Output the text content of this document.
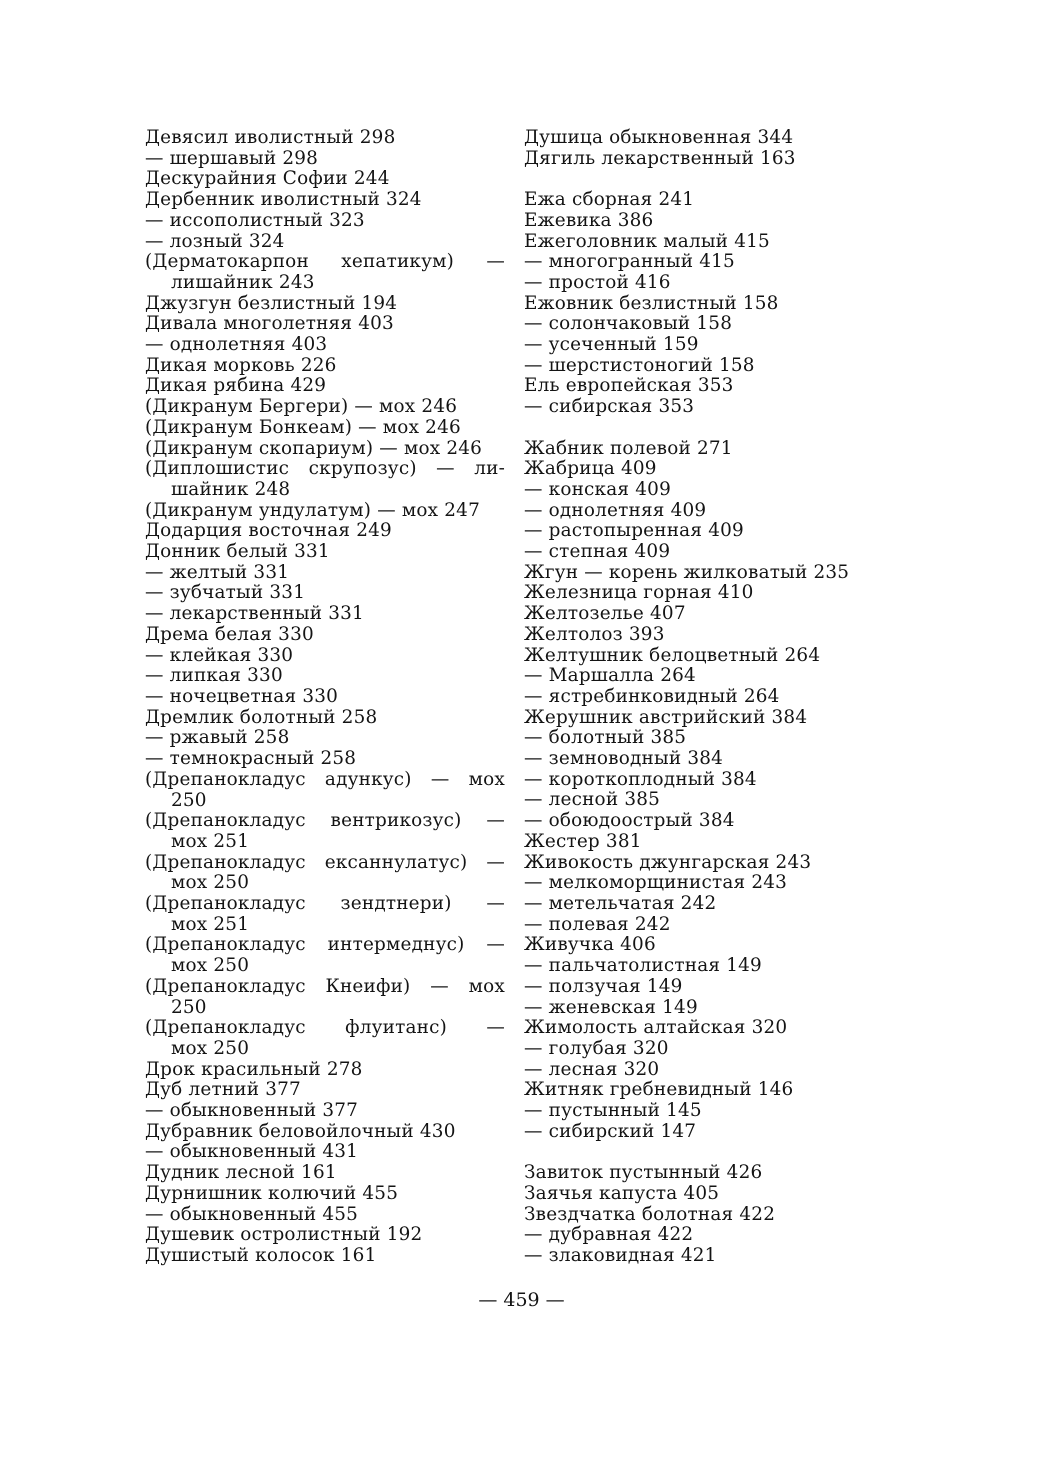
Девясил иволистный 298
— шершавый 298
Дескурайния Софии 244
Дербенник иволистный 324
— иссополистный 323
— лозный 324
(Дерматокарпон хепатикум) —
лишайник 243
Джузгун безлистный 194
Дивала многолетняя 403
— однолетняя 403
Дикая морковь 226
Дикая рябина 429
(Дикранум Бергери) — мох 246
(Дикранум Бонкеам) — мох 246
(Дикранум скопариум) — мох 246
(Диплошистис скрупозус) — ли-
шайник 248
(Дикранум ундулатум) — мох 247
Додарция восточная 249
Донник белый 331
— желтый 331
— зубчатый 331
— лекарственный 331
Дрема белая 330
— клейкая 330
— липкая 330
— ночецветная 330
Дремлик болотный 258
— ржавый 258
— темнокрасный 258
(Дрепанокладус адункус) — мох
250
(Дрепанокладус вентрикозус) —
мох 251
(Дрепанокладус ексаннулатус) —
мох 250
(Дрепанокладус зендтнери) —
мох 251
(Дрепанокладус интермеднус) —
мох 250
(Дрепанокладус Кнеифи) — мох
250
(Дрепанокладус флуитанс) —
мох 250
Дрок красильный 278
Дуб летний 377
— обыкновенный 377
Дубравник беловойлочный 430
— обыкновенный 431
Дудник лесной 161
Дурнишник колючий 455
— обыкновенный 455
Душевик остролистный 192
Душистый колосок 161
Душица обыкновенная 344
Дягиль лекарственный 163
Ежа сборная 241
Ежевика 386
Ежеголовник малый 415
— многогранный 415
— простой 416
Ежовник безлистный 158
— солончаковый 158
— усеченный 159
— шерстистоногий 158
Ель европейская 353
— сибирская 353
Жабник полевой 271
Жабрица 409
— конская 409
— однолетняя 409
— растопыренная 409
— степная 409
Жгун — корень жилковатый 235
Железница горная 410
Желтозелье 407
Желтолоз 393
Желтушник белоцветный 264
— Маршалла 264
— ястребинковидный 264
Жерушник австрийский 384
— болотный 385
— земноводный 384
— короткоплодный 384
— лесной 385
— обоюдоострый 384
Жестер 381
Живокость джунгарская 243
— мелкоморщинистая 243
— метельчатая 242
— полевая 242
Живучка 406
— пальчатолистная 149
— ползучая 149
— женевская 149
Жимолость алтайская 320
— голубая 320
— лесная 320
Житняк гребневидный 146
— пустынный 145
— сибирский 147
Завиток пустынный 426
Заячья капуста 405
Звездчатка болотная 422
— дубравная 422
— злаковидная 421
— 459 —
